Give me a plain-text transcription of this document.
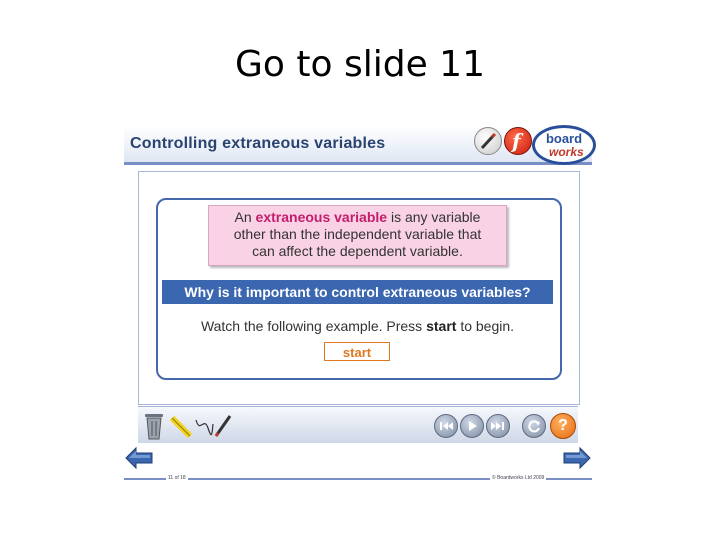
Go to slide 11
Controlling extraneous variables	f	board
works
An extraneous variable is any variable
other than the independent variable that
can affect the dependent variable.
Why is it important to control extraneous variables?
Watch the following example. Press start to begin.
start
?
11 of 18	© Boardworks Ltd 2009
